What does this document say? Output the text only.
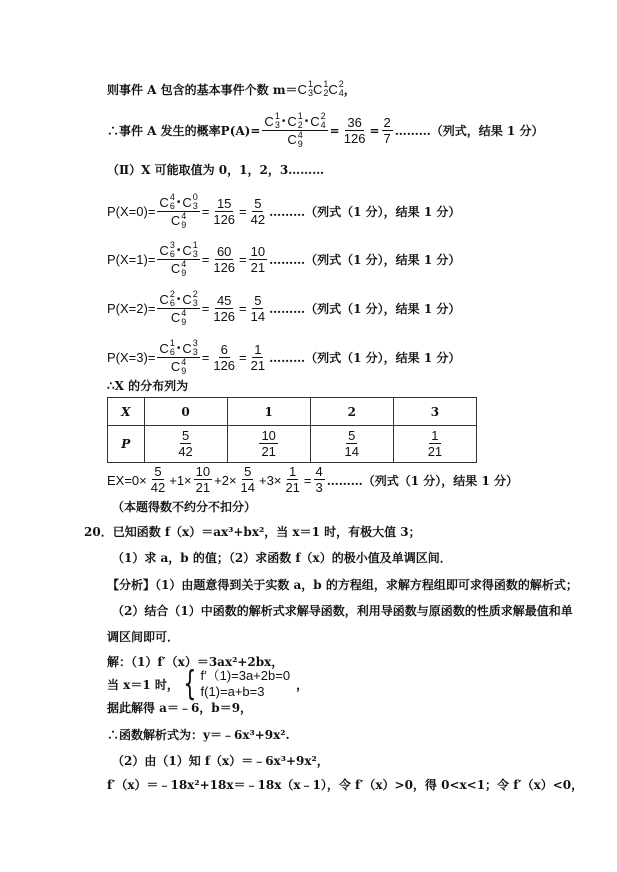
则事件 A 包含的基本事件个数 m＝ C 1
3 C 1
2 C 2
4 ，
∴事件 A 发生的概率P(A)= C 1
3 • C 1
2 • C 2
4
C 4
$9 = \frac{36}{126} = \frac{2}{7}$ ………（列式，结果 1 分）
（Ⅱ）X 可能取值为 0，1，2，3………
P(X=0)= C 4
6 • C 0
3
C 4
$9 = \frac{15}{126} = \frac{5}{42}$ ………（列式（1 分），结果 1 分）
P(X=1)= C 3
6 • C 1
3
C 4
$9 = \frac{60}{126} = \frac{10}{21}$ ………（列式（1 分），结果 1 分）
P(X=2)= C 2
6 • C 2
3
C 4
$9 = \frac{45}{126} = \frac{5}{14}$ ………（列式（1 分），结果 1 分）
P(X=3)= C 1
6 • C 3
3
C 4
$9 = \frac{6}{126} = \frac{1}{21}$ ………（列式（1 分），结果 1 分）
∴X 的分布列为
X	0	1	2	3
P	$\frac{5}{42}$	$\frac{10}{21}$	$\frac{5}{14}$	$\frac{1}{21}$
$EX=0\times \frac{5}{42} +1\times \frac{10}{21} +2\times \frac{5}{14} +3\times \frac{1}{21} = \frac{4}{3}$ ………（列式（1 分），结果 1 分）
（本题得数不约分不扣分）
20．已知函数 f（x）＝ax³+bx²，当 x＝1 时，有极大值 3；
（1）求 a，b 的值；（2）求函数 f（x）的极小值及单调区间．
【分析】（1）由题意得到关于实数 a，b 的方程组，求解方程组即可求得函数的解析式；
（2）结合（1）中函数的解析式求解导函数，利用导函数与原函数的性质求解最值和单
调区间即可．
解：（1）f′（x）＝3ax²+2bx，
当 x＝1 时， { f′（1)=3a+2b=0
f(1)=a+b=3	，
据此解得 a＝﹣6，b＝9，
∴函数解析式为：y＝﹣6x³+9x².
（2）由（1）知 f（x）＝﹣6x³+9x²，
f′（x）＝﹣18x²+18x＝﹣18x（x﹣1），令 f′（x）>0，得 0<x<1；令 f′（x）<0，
